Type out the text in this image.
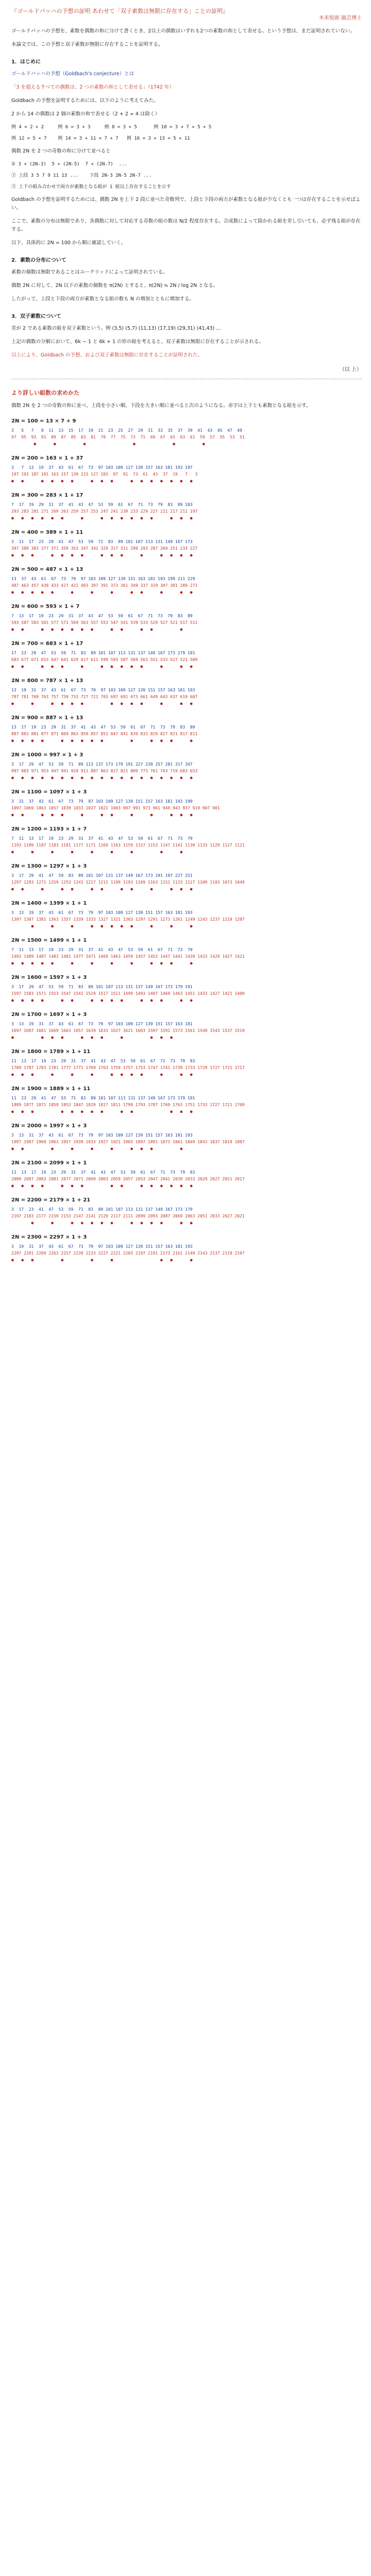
『ゴールドバッハの予想の証明 あわせて「双子素数は無限に存在する」ことの証明』
木米悦郎 園芸博士
ゴールドバッハの予想を、素数を偶数の和に分けて書くとき、2以上の偶数はいずれも2つの素数の和として表せる。という予想は、まだ証明されていない。
本論文では、この予想と双子素数が無限に存在することを証明する。
1．はじめに
ゴールドバッハの予想（Goldbach's conjecture）とは
「3 を超えるすべての偶数は、2 つの素数の和として表せる」（1742 年）
Goldbach の予想を証明するためには、以下のように考えてみた。
2 から 14 の偶数は 2 個の素数の和で表せる（2 + 2 = 4 は除く）
例 4 = 2 + 2     例 6 = 3 + 3     例 8 = 3 + 5      例 10 = 3 + 7 = 5 + 5
例 12 = 5 + 7    例 14 = 3 + 11 = 7 + 7   例 16 = 3 + 13 = 5 + 11
偶数 2N を 2 つの奇数の和に分けて並べると
① 3 + (2N-3)  5 + (2N-5)  7 + (2N-7)  ...
② 上段 3 5 7 9 11 13 ...    下段 2N-3 2N-5 2N-7 ...
③ 上下の組み合わせで両方が素数となる組が 1 組以上存在することを示す
Goldbach の予想を証明するためには、偶数 2N を上下 2 段に並べた奇数列で、上段と下段の両方が素数となる組が少なくとも一つは存在することを示せばよい。
ここで、素数の分布は無限であり、各偶数に対して対応する奇数の組の数は N/2 程度存在する。合成数によって除かれる組を差し引いても、必ず残る組が存在する。
以下、具体的に 2N = 100 から順に確認していく。
2．素数の分布について
素数の個数は無限であることはユークリッドによって証明されている。
偶数 2N に対して、2N 以下の素数の個数を π(2N) とすると、π(2N) ≒ 2N / log 2N となる。
したがって、上段と下段の両方が素数となる組の数も N の増加とともに増加する。
3．双子素数について
差が 2 である素数の組を双子素数という。例 (3,5) (5,7) (11,13) (17,19) (29,31) (41,43) ...
上記の偶数の分解において、6k − 1 と 6k + 1 の形の組を考えると、双子素数は無限に存在することが示される。
以上により、Goldbach の予想、および双子素数は無限に存在することが証明された。
（以 上）
より詳しい組数の求めかた
偶数 2N を 2 つの奇数の和に並べ、上段を小さい順、下段を大きい順に並べると次のようになる。赤字は上下とも素数となる組を示す。
2N = 100 = 13 × 7 + 9
3   5   7   9  11  13  15  17  19  21  23  25  27  29  31  33  35  37  39  41  43  45  47  49
97  95  93  91  89  87  85  83  81  79  77  75  73  71  69  67  65  63  61  59  57  55  53  51
●       ●           ●                   ●               ●           ●
2N = 200 = 163 × 1 + 37
3   7  13  19  37  43  61  67  73  97 103 109 127 139 157 163 181 193 197
197 193 187 181 163 157 139 133 127 103  97  91  73  61  43  37  19   7   3
●   ●       ●   ●   ●   ●       ●   ●   ●       ●   ●   ●   ●   ●   ●   ●
2N = 300 = 283 × 1 + 17
7  17  19  29  31  37  41  43  47  53  59  61  67  71  73  79  83  89 103
293 283 281 271 269 263 259 257 253 247 241 239 233 229 227 221 217 211 197
●   ●   ●   ●   ●   ●       ●       ●   ●   ●   ●   ●   ●       ●   ●   ●
2N = 400 = 389 × 1 + 11
3  11  17  23  29  41  47  53  59  71  83  89 101 107 113 131 149 167 173
397 389 383 377 371 359 353 347 341 329 317 311 299 293 287 269 251 233 227
●   ●   ●       ●   ●   ●   ●       ●   ●   ●       ●       ●   ●   ●   ●
2N = 500 = 487 × 1 + 13
13  37  43  61  67  73  79  97 103 109 127 139 151 163 181 193 199 211 229
487 463 457 439 433 427 421 403 397 391 373 361 349 337 319 307 301 289 271
●   ●   ●   ●   ●       ●       ●       ●       ●   ●       ●       ●   ●
2N = 600 = 593 × 1 + 7
7  13  17  19  23  29  31  37  43  47  53  59  61  67  71  73  79  83  89
593 587 583 581 577 571 569 563 557 553 547 541 539 533 529 527 521 517 511
●   ●       ●   ●   ●   ●   ●   ●       ●   ●       ●   ●           ●
2N = 700 = 683 × 1 + 17
17  23  29  47  53  59  71  83  89 101 107 113 131 137 149 167 173 179 191
683 677 671 653 647 641 629 617 611 599 593 587 569 563 551 533 527 521 509
●   ●       ●   ●   ●       ●       ●   ●   ●   ●   ●       ●       ●   ●
2N = 800 = 787 × 1 + 13
13  19  31  37  43  61  67  73  79  97 103 109 127 139 151 157 163 181 193
787 781 769 763 757 739 733 727 721 703 697 691 673 661 649 643 637 619 607
●       ●       ●   ●   ●   ●           ●   ●   ●   ●       ●       ●   ●
2N = 900 = 887 × 1 + 13
13  17  19  23  29  31  37  41  43  47  53  59  61  67  71  73  79  83  89
887 883 881 877 871 869 863 859 857 853 847 841 839 833 829 827 821 817 811
●   ●   ●   ●       ●   ●   ●   ●   ●           ●       ●   ●   ●       ●
2N = 1000 = 997 × 1 + 3
3  17  29  47  53  59  71  89 113 137 173 179 191 227 239 257 281 317 347
997 983 971 953 947 941 929 911 887 863 827 821 809 773 761 743 719 683 653
●   ●   ●   ●   ●   ●   ●   ●   ●   ●   ●   ●   ●   ●   ●   ●   ●   ●   ●
2N = 1100 = 1097 × 1 + 3
3  31  37  43  61  67  73  79  97 103 109 127 139 151 157 163 181 193 199
1097 1069 1063 1057 1039 1033 1027 1021 1003 997 991 973 961 949 943 937 919 907 901
●   ●       ●   ●   ●       ●       ●   ●       ●       ●       ●   ●   ●
2N = 1200 = 1193 × 1 + 7
7  11  13  17  19  23  29  31  37  41  43  47  53  59  61  67  71  73  79
1193 1189 1187 1183 1181 1177 1171 1169 1163 1159 1157 1153 1147 1141 1139 1133 1129 1127 1121
●       ●       ●       ●       ●       ●       ●           ●       ●
2N = 1300 = 1297 × 1 + 3
3  17  29  41  47  59  83  89 101 107 131 137 149 167 173 191 197 227 251
1297 1283 1271 1259 1253 1241 1217 1211 1199 1193 1169 1163 1151 1133 1127 1109 1103 1073 1049
●   ●       ●       ●   ●       ●   ●       ●   ●       ●       ●   ●   ●
2N = 1400 = 1399 × 1 + 1
3  13  19  37  43  61  67  73  79  97 103 109 127 139 151 157 163 181 193
1397 1387 1381 1363 1357 1339 1333 1327 1321 1303 1297 1291 1273 1261 1249 1243 1237 1219 1207
●       ●       ●       ●   ●   ●   ●   ●       ●       ●       ●
2N = 1500 = 1499 × 1 + 1
7  11  13  17  19  23  29  31  37  41  43  47  53  59  61  67  71  73  79
1493 1489 1487 1483 1481 1477 1471 1469 1463 1459 1457 1453 1447 1441 1439 1433 1429 1427 1421
●   ●   ●   ●   ●       ●       ●       ●       ●       ●   ●   ●       ●
2N = 1600 = 1597 × 1 + 3
3  17  29  47  53  59  71  83  89 101 107 113 131 137 149 167 173 179 191
1597 1583 1571 1553 1547 1541 1529 1517 1511 1499 1493 1487 1469 1463 1451 1433 1427 1421 1409
●   ●   ●   ●       ●   ●       ●   ●   ●   ●       ●   ●   ●       ●   ●
2N = 1700 = 1697 × 1 + 3
3  13  19  31  37  43  61  67  73  79  97 103 109 127 139 151 157 163 181
1697 1687 1681 1669 1663 1657 1639 1633 1627 1621 1603 1597 1591 1573 1561 1549 1543 1537 1519
●           ●   ●   ●       ●   ●   ●       ●           ●   ●   ●
2N = 1800 = 1789 × 1 + 11
11  13  17  19  23  29  31  37  41  43  47  53  59  61  67  71  73  79  83
1789 1787 1783 1781 1777 1771 1769 1763 1759 1757 1753 1747 1741 1739 1733 1729 1727 1721 1717
●   ●   ●       ●       ●       ●       ●   ●   ●   ●       ●       ●   ●
2N = 1900 = 1889 × 1 + 11
11  23  29  41  47  53  71  83  89 101 107 113 131 137 149 167 173 179 191
1889 1877 1871 1859 1853 1847 1829 1817 1811 1799 1793 1787 1769 1763 1751 1733 1727 1721 1709
●   ●   ●           ●   ●   ●   ●   ●       ●   ●               ●   ●   ●
2N = 2000 = 1997 × 1 + 3
3  13  31  37  43  61  67  73  79  97 103 109 127 139 151 157 163 181 193
1997 1987 1969 1963 1957 1939 1933 1927 1921 1903 1897 1891 1873 1861 1849 1843 1837 1819 1807
●   ●           ●       ●       ●       ●       ●   ●   ●           ●
2N = 2100 = 2099 × 1 + 1
11  13  17  19  23  29  31  37  41  43  47  53  59  61  67  71  73  79  83
2089 2087 2083 2081 2077 2071 2069 2063 2059 2057 2053 2047 2041 2039 2033 2029 2027 2021 2017
●   ●   ●   ●       ●   ●   ●           ●   ●       ●   ●   ●   ●   ●   ●
2N = 2200 = 2179 × 1 + 21
3  17  23  41  47  53  59  71  83  89 101 107 113 131 137 149 167 173 179
2197 2183 2177 2159 2153 2147 2141 2129 2117 2111 2099 2093 2087 2069 2063 2051 2033 2027 2021
●       ●       ●   ●   ●   ●   ●       ●   ●   ●   ●       ●   ●
2N = 2300 = 2297 × 1 + 3
3  19  31  37  43  61  67  73  79  97 103 109 127 139 151 157 163 181 193
2297 2281 2269 2263 2257 2239 2233 2227 2221 2203 2197 2191 2173 2161 2149 2143 2137 2119 2107
●   ●   ●           ●           ●       ●                   ●   ●       ●
